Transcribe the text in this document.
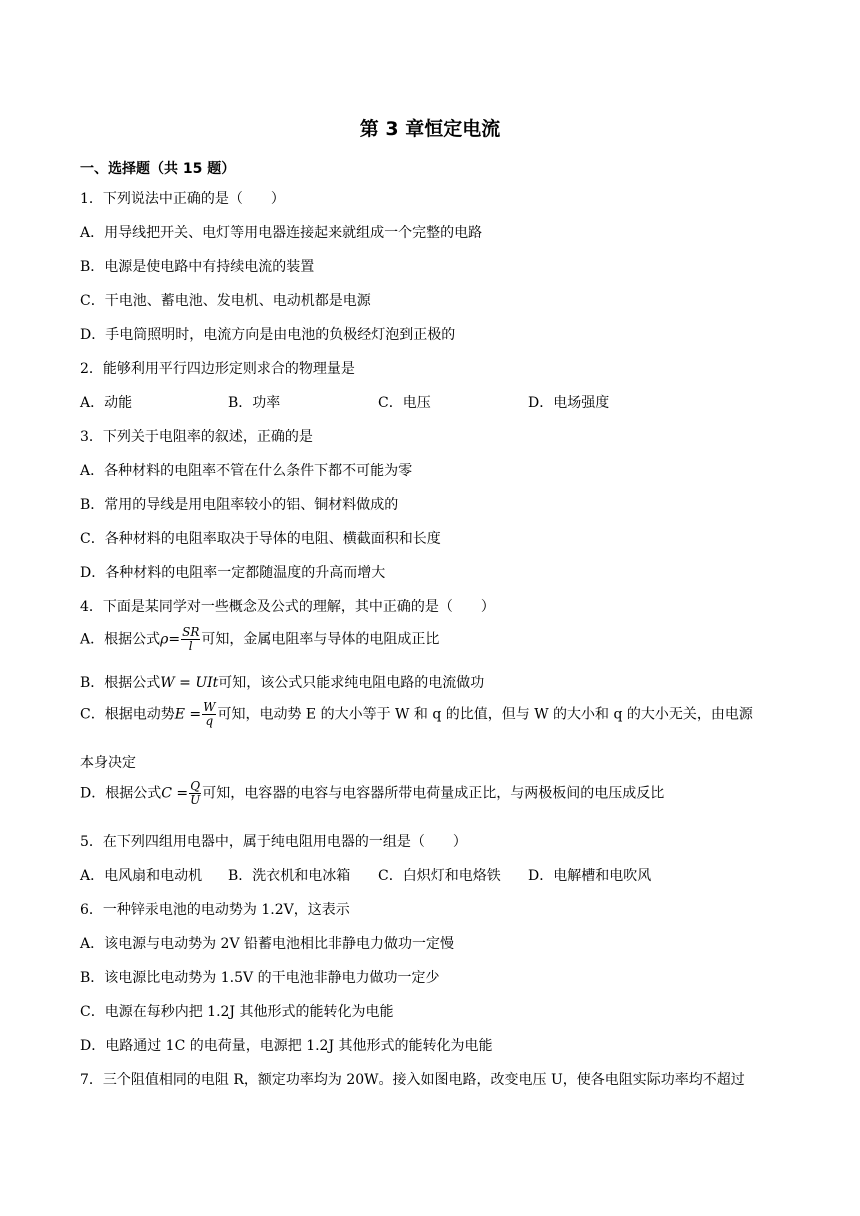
第 3 章恒定电流
一、选择题（共 15 题）
1．下列说法中正确的是（　　）
A．用导线把开关、电灯等用电器连接起来就组成一个完整的电路
B．电源是使电路中有持续电流的装置
C．干电池、蓄电池、发电机、电动机都是电源
D．手电筒照明时，电流方向是由电池的负极经灯泡到正极的
2．能够利用平行四边形定则求合的物理量是
A．动能	B．功率	C．电压	D．电场强度
3．下列关于电阻率的叙述，正确的是
A．各种材料的电阻率不管在什么条件下都不可能为零
B．常用的导线是用电阻率较小的铝、铜材料做成的
C．各种材料的电阻率取决于导体的电阻、横截面积和长度
D．各种材料的电阻率一定都随温度的升高而增大
4．下面是某同学对一些概念及公式的理解，其中正确的是（　　）
A．根据公式$\rho= \frac{SR}{l}$ 可知，金属电阻率与导体的电阻成正比
B．根据公式W = UIt可知，该公式只能求纯电阻电路的电流做功
C．根据电动势$E = \frac{W}{q}$ 可知，电动势 E 的大小等于 W 和 q 的比值，但与 W 的大小和 q 的大小无关，由电源
本身决定
D．根据公式$C = \frac{Q}{U}$ 可知，电容器的电容与电容器所带电荷量成正比，与两极板间的电压成反比
5．在下列四组用电器中，属于纯电阻用电器的一组是（　　）
A．电风扇和电动机 B．洗衣机和电冰箱 C．白炽灯和电烙铁 D．电解槽和电吹风
6．一种锌汞电池的电动势为 1.2V，这表示
A．该电源与电动势为 2V 铅蓄电池相比非静电力做功一定慢
B．该电源比电动势为 1.5V 的干电池非静电力做功一定少
C．电源在每秒内把 1.2J 其他形式的能转化为电能
D．电路通过 1C 的电荷量，电源把 1.2J 其他形式的能转化为电能
7．三个阻值相同的电阻 R，额定功率均为 20W。接入如图电路，改变电压 U，使各电阻实际功率均不超过
